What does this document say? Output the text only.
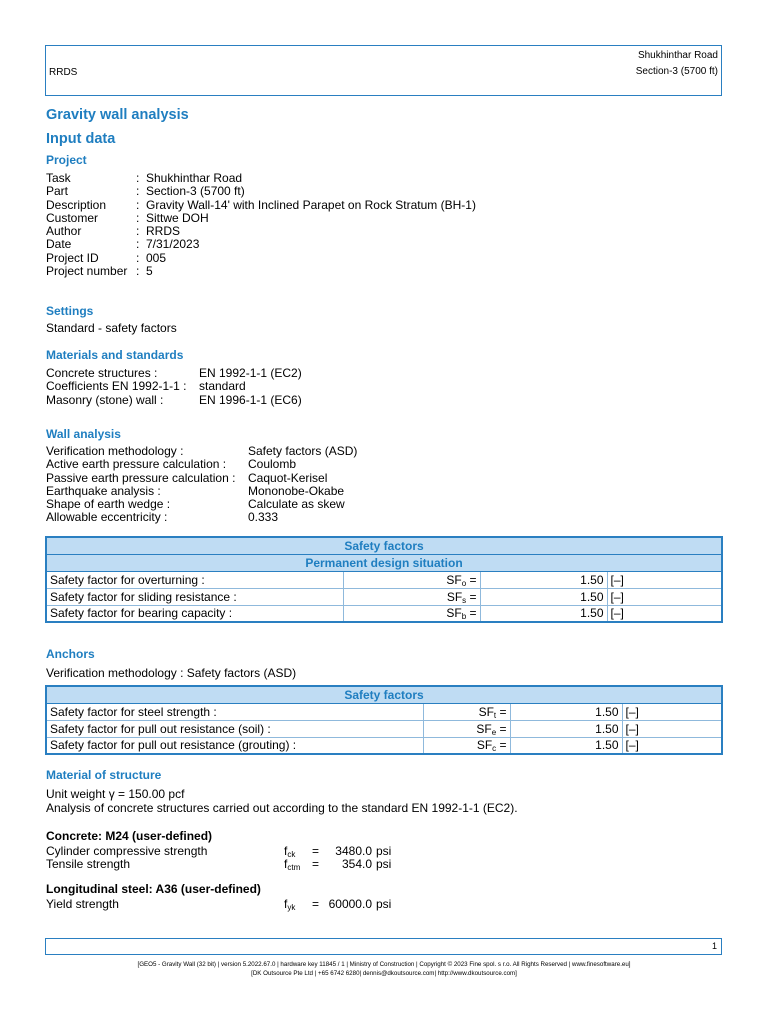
RRDS
Shukhinthar Road
Section-3 (5700 ft)
Gravity wall analysis
Input data
Project
Task	: Shukhinthar Road
Part	: Section-3 (5700 ft)
Description	: Gravity Wall-14' with Inclined Parapet on Rock Stratum (BH-1)
Customer	: Sittwe DOH
Author	: RRDS
Date	: 7/31/2023
Project ID	: 005
Project number : 5
Settings
Standard - safety factors
Materials and standards
Concrete structures :	EN 1992-1-1 (EC2)
Coefficients EN 1992-1-1 :	standard
Masonry (stone) wall :	EN 1996-1-1 (EC6)
Wall analysis
Verification methodology :	Safety factors (ASD)
Active earth pressure calculation :	Coulomb
Passive earth pressure calculation :	Caquot-Kerisel
Earthquake analysis :	Mononobe-Okabe
Shape of earth wedge :	Calculate as skew
Allowable eccentricity :	0.333
Safety factors			
Permanent design situation			
Safety factor for overturning :	$SF_o$ =	1.50	[–]
Safety factor for sliding resistance :	$SF_s$ =	1.50	[–]
Safety factor for bearing capacity :	$SF_b$ =	1.50	[–]
Anchors
Verification methodology : Safety factors (ASD)
Safety factors			
Safety factor for steel strength :	$SF_t$ =	1.50	[–]
Safety factor for pull out resistance (soil) :	$SF_e$ =	1.50	[–]
Safety factor for pull out resistance (grouting) :	$SF_c$ =	1.50	[–]
Material of structure
Unit weight γ = 150.00 pcf
Analysis of concrete structures carried out according to the standard EN 1992-1-1 (EC2).
Concrete: M24 (user-defined)
Cylinder compressive strength	$f_{ck}$	=	3480.0 psi
Tensile strength	$f_{ctm}$ =	354.0 psi
Longitudinal steel: A36 (user-defined)
Yield strength	$f_{yk}$	= 60000.0 psi
1
[GEO5 - Gravity Wall (32 bit) | version 5.2022.67.0 | hardware key 11845 / 1 | Ministry of Construction | Copyright © 2023 Fine spol. s r.o. All Rights Reserved | www.finesoftware.eu]
[DK Outsource Pte Ltd | +65 6742 6280| dennis@dkoutsource.com| http://www.dkoutsource.com]
